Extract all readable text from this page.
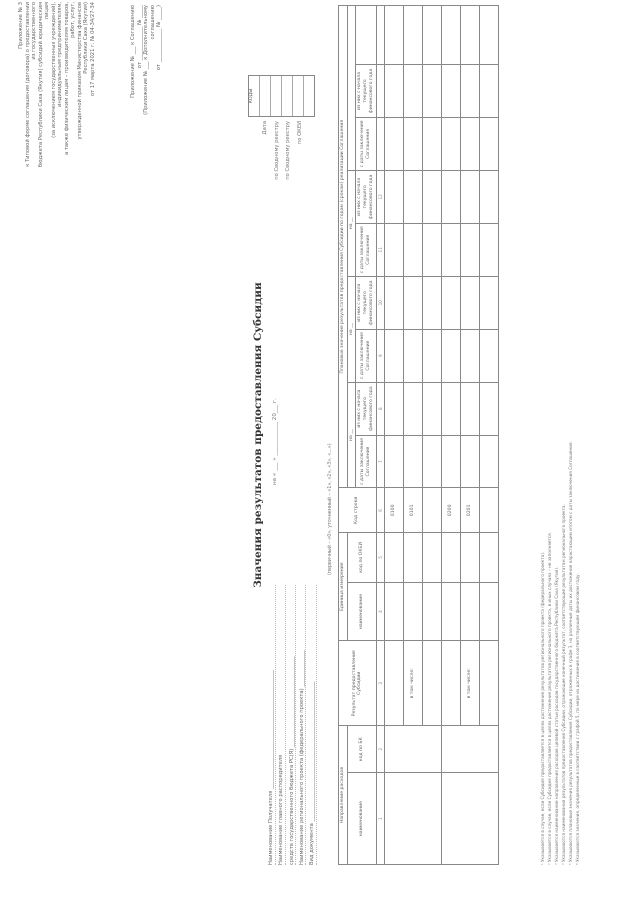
Приложение № 3 к Типовой форме соглашения (договора) о предоставлении из государственного бюджета Республики Саха (Якутия) субсидий юридическим лицам (за исключением государственных учреждений), индивидуальным предпринимателям, а также физическим лицам – производителям товаров, работ, услуг, утвержденной приказом Министерства финансов Республики Саха (Якутия) от 17 марта 2021 г. № 04-34/27-34	Приложение № ___ к Соглашению от _____________ № _____ (Приложение № ___ к Дополнительному соглашению от _____________ № _____)

Значения результатов предоставления Субсидии на « ___ » ____________ 20___ г.

Дата по Сводному реестру по Сводному реестру по ОКЕИ

КОДЫ

Наименование Получателя ______________________________________________ Наименование главного распорядителя средств государственного бюджета РС(Я) ___________________________________ Наименование регионального проекта (федерального проекта) ______________ Вид документа ______________________________________________________

(первичный – «0», уточненный – «1», «2», «3», «...»)
Направление расходов		Результат предоставления Субсидии	Единица измерения		Код строки	Плановые значения результатов предоставления Субсидии по годам (срокам) реализации Соглашения								
наименование	код по БК		наименование	код по ОКЕИ		на __		на __		на __				
						с даты заключения Соглашения	из них с начала текущего финансового года	с даты заключения Соглашения	из них с начала текущего финансового года	с даты заключения Соглашения	из них с начала текущего финансового года	с даты заключения Соглашения	из них с начала текущего финансового года	
1	2	3	4	5	6	7	8	9	10	11	12			
					0100									
		в том числе:			0101									

					0200									
		в том числе:			0201									

¹ Указывается в случае, если Субсидия предоставляется в целях достижения результатов регионального проекта (федерального проекта). ² Указывается в случае, если Субсидия предоставляется в целях достижения результатов регионального проекта, в иных случаях – не заполняется. ³ Указывается наименование направления расходов целевой статьи расходов государственного бюджета Республики Саха (Якутия). ⁴ Указываются наименования результатов предоставления Субсидии, отражающие конечный результат, соответствующие результатам регионального проекта. ⁵ Указываются плановые значения результатов предоставления Субсидии, отраженных в графе 3, на различные даты их достижения нарастающим итогом с даты заключения Соглашения. ⁶ Указываются значения, определенные в соответствии с графой 5, по мере их достижения в соответствующем финансовом году.
